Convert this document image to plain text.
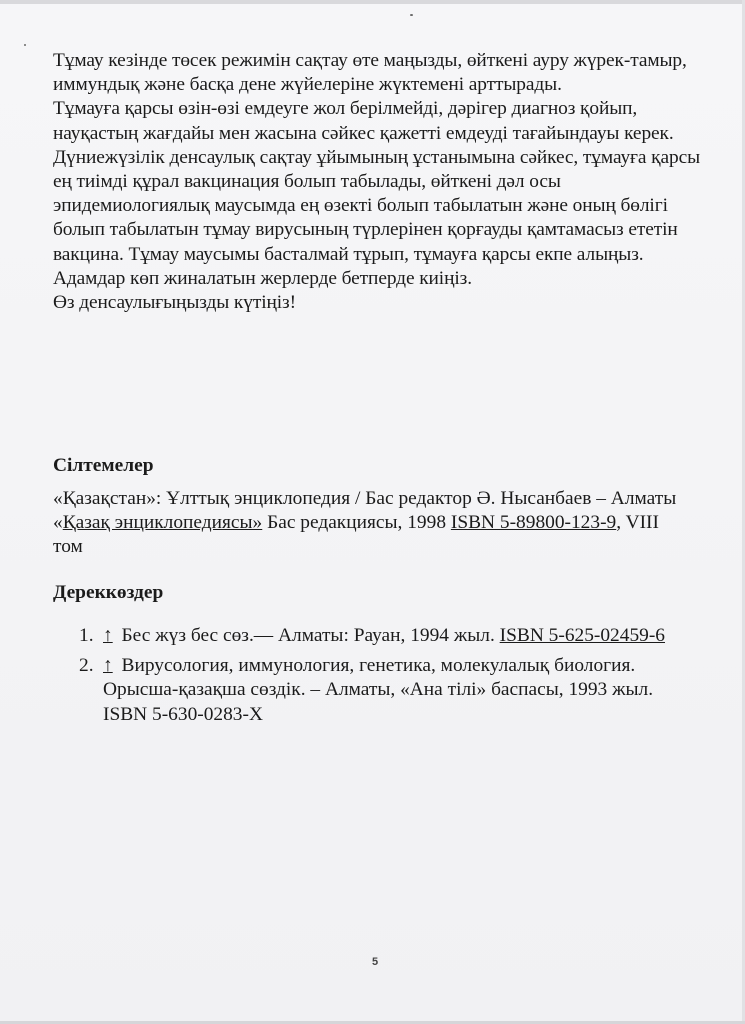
Тұмау кезінде төсек режимін сақтау өте маңызды, өйткені ауру жүрек-тамыр, иммундық және басқа дене жүйелеріне жүктемені арттырады.

Тұмауға қарсы өзін-өзі емдеуге жол берілмейді, дәрігер диагноз қойып, науқастың жағдайы мен жасына сәйкес қажетті емдеуді тағайындауы керек.

Дүниежүзілік денсаулық сақтау ұйымының ұстанымына сәйкес, тұмауға қарсы ең тиімді құрал вакцинация болып табылады, өйткені дәл осы эпидемиологиялық маусымда ең өзекті болып табылатын және оның бөлігі болып табылатын тұмау вирусының түрлерінен қорғауды қамтамасыз ететін вакцина. Тұмау маусымы басталмай тұрып, тұмауға қарсы екпе алыңыз.

Адамдар көп жиналатын жерлерде бетперде киіңіз.

Өз денсаулығыңызды күтіңіз!

Сілтемелер
«Қазақстан»: Ұлттық энциклопедия / Бас редактор Ә. Нысанбаев – Алматы «Қазақ энциклопедиясы» Бас редакциясы, 1998 ISBN 5-89800-123-9, VIII том
Дереккөздер
1. ↑ Бес жүз бес сөз.— Алматы: Рауан, 1994 жыл. ISBN 5-625-02459-6
2. ↑ Вирусология, иммунология, генетика, молекулалық биология. Орысша-қазақша сөздік. – Алматы, «Ана тілі» баспасы, 1993 жыл. ISBN 5-630-0283-X
5
